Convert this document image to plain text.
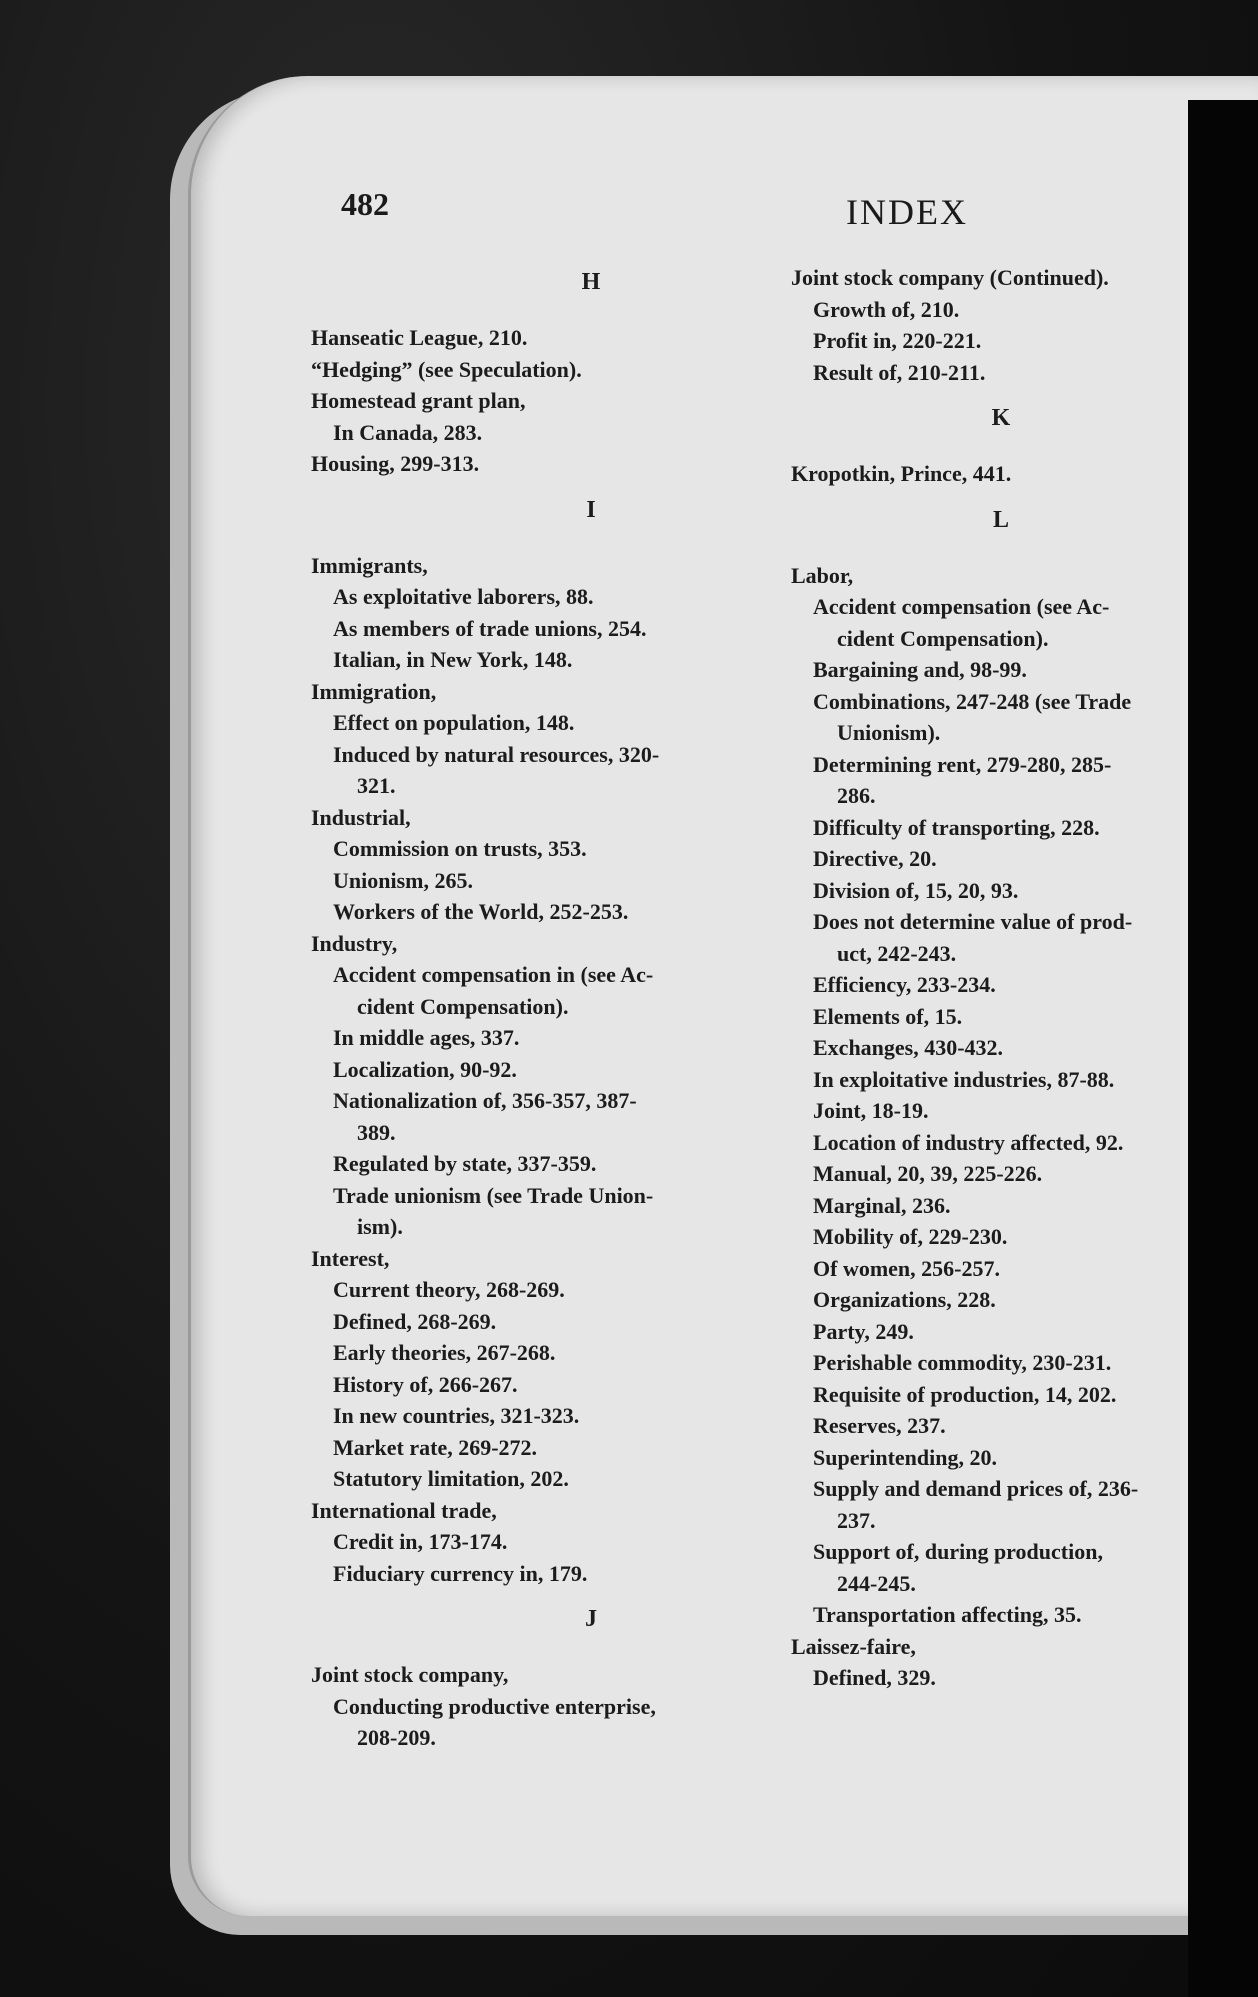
482	INDEX
H
Hanseatic League, 210.
“Hedging” (see Speculation).
Homestead grant plan,
In Canada, 283.
Housing, 299-313.
I
Immigrants,
As exploitative laborers, 88.
As members of trade unions, 254.
Italian, in New York, 148.
Immigration,
Effect on population, 148.
Induced by natural resources, 320-
321.
Industrial,
Commission on trusts, 353.
Unionism, 265.
Workers of the World, 252-253.
Industry,
Accident compensation in (see Ac-
cident Compensation).
In middle ages, 337.
Localization, 90-92.
Nationalization of, 356-357, 387-
389.
Regulated by state, 337-359.
Trade unionism (see Trade Union-
ism).
Interest,
Current theory, 268-269.
Defined, 268-269.
Early theories, 267-268.
History of, 266-267.
In new countries, 321-323.
Market rate, 269-272.
Statutory limitation, 202.
International trade,
Credit in, 173-174.
Fiduciary currency in, 179.
J
Joint stock company,
Conducting productive enterprise,
208-209.
Joint stock company (Continued).
Growth of, 210.
Profit in, 220-221.
Result of, 210-211.
K
Kropotkin, Prince, 441.
L
Labor,
Accident compensation (see Ac-
cident Compensation).
Bargaining and, 98-99.
Combinations, 247-248 (see Trade
Unionism).
Determining rent, 279-280, 285-
286.
Difficulty of transporting, 228.
Directive, 20.
Division of, 15, 20, 93.
Does not determine value of prod-
uct, 242-243.
Efficiency, 233-234.
Elements of, 15.
Exchanges, 430-432.
In exploitative industries, 87-88.
Joint, 18-19.
Location of industry affected, 92.
Manual, 20, 39, 225-226.
Marginal, 236.
Mobility of, 229-230.
Of women, 256-257.
Organizations, 228.
Party, 249.
Perishable commodity, 230-231.
Requisite of production, 14, 202.
Reserves, 237.
Superintending, 20.
Supply and demand prices of, 236-
237.
Support of, during production,
244-245.
Transportation affecting, 35.
Laissez-faire,
Defined, 329.
